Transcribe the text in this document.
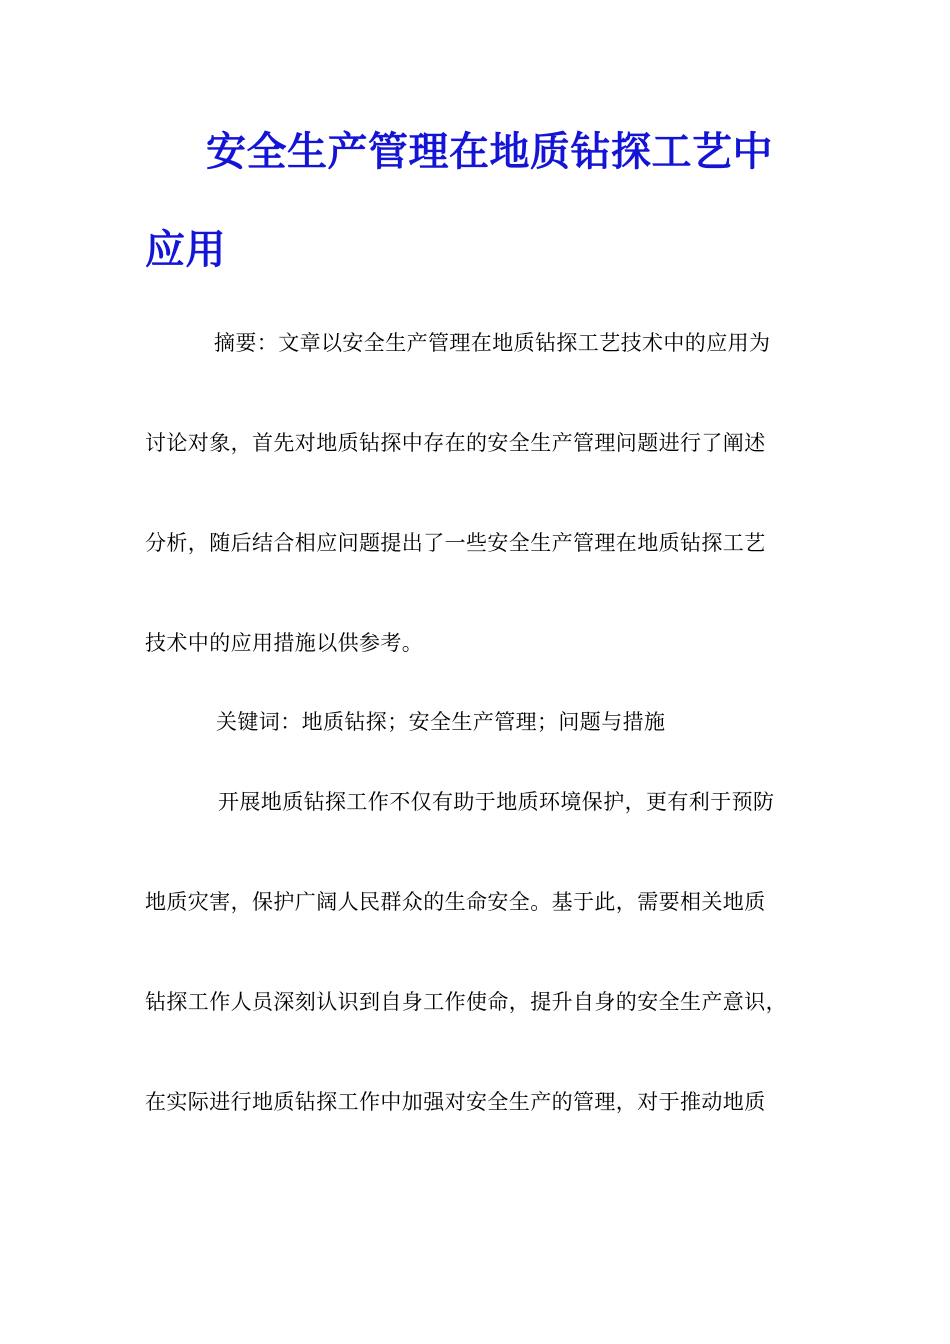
安全生产管理在地质钻探工艺中
应用
摘要：文章以安全生产管理在地质钻探工艺技术中的应用为
讨论对象，首先对地质钻探中存在的安全生产管理问题进行了阐述
分析，随后结合相应问题提出了一些安全生产管理在地质钻探工艺
技术中的应用措施以供参考。
关键词：地质钻探；安全生产管理；问题与措施
开展地质钻探工作不仅有助于地质环境保护，更有利于预防
地质灾害，保护广阔人民群众的生命安全。基于此，需要相关地质
钻探工作人员深刻认识到自身工作使命，提升自身的安全生产意识，
在实际进行地质钻探工作中加强对安全生产的管理，对于推动地质
